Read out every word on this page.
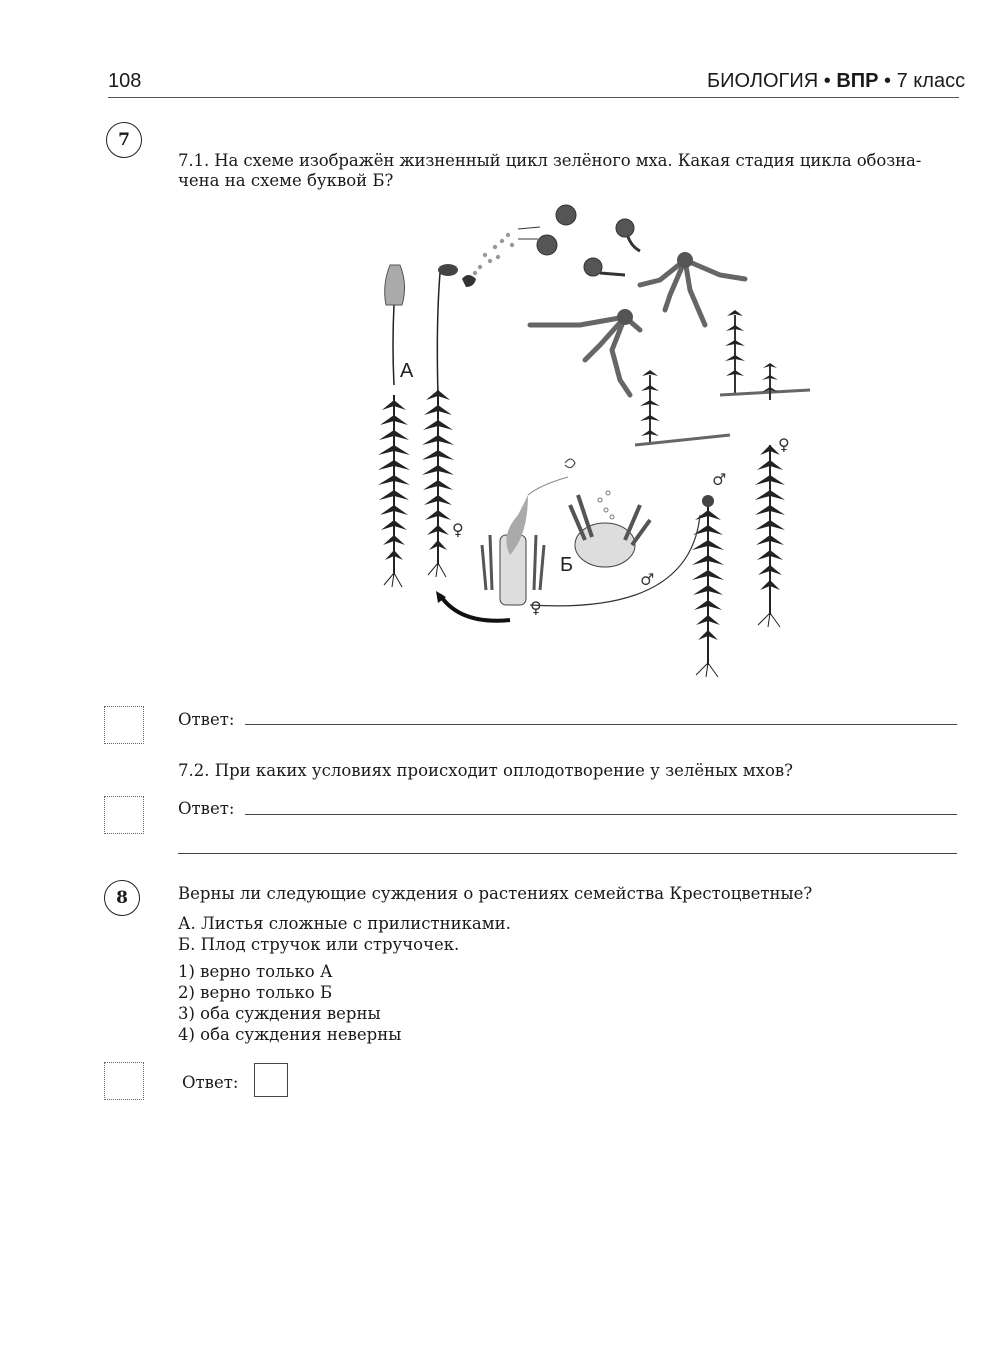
108	БИОЛОГИЯ • ВПР • 7 класс
7
7.1. На схеме изображён жизненный цикл зелёного мха. Какая стадия цикла обозна-
чена на схеме буквой Б?
А
♀
♂
♂
Б
♀
♀
Ответ:
7.2. При каких условиях происходит оплодотворение у зелёных мхов?
Ответ:
8	Верны ли следующие суждения о растениях семейства Крестоцветные?
А. Листья сложные с прилистниками.
Б. Плод стручок или стручочек.
1) верно только А
2) верно только Б
3) оба суждения верны
4) оба суждения неверны
Ответ:
